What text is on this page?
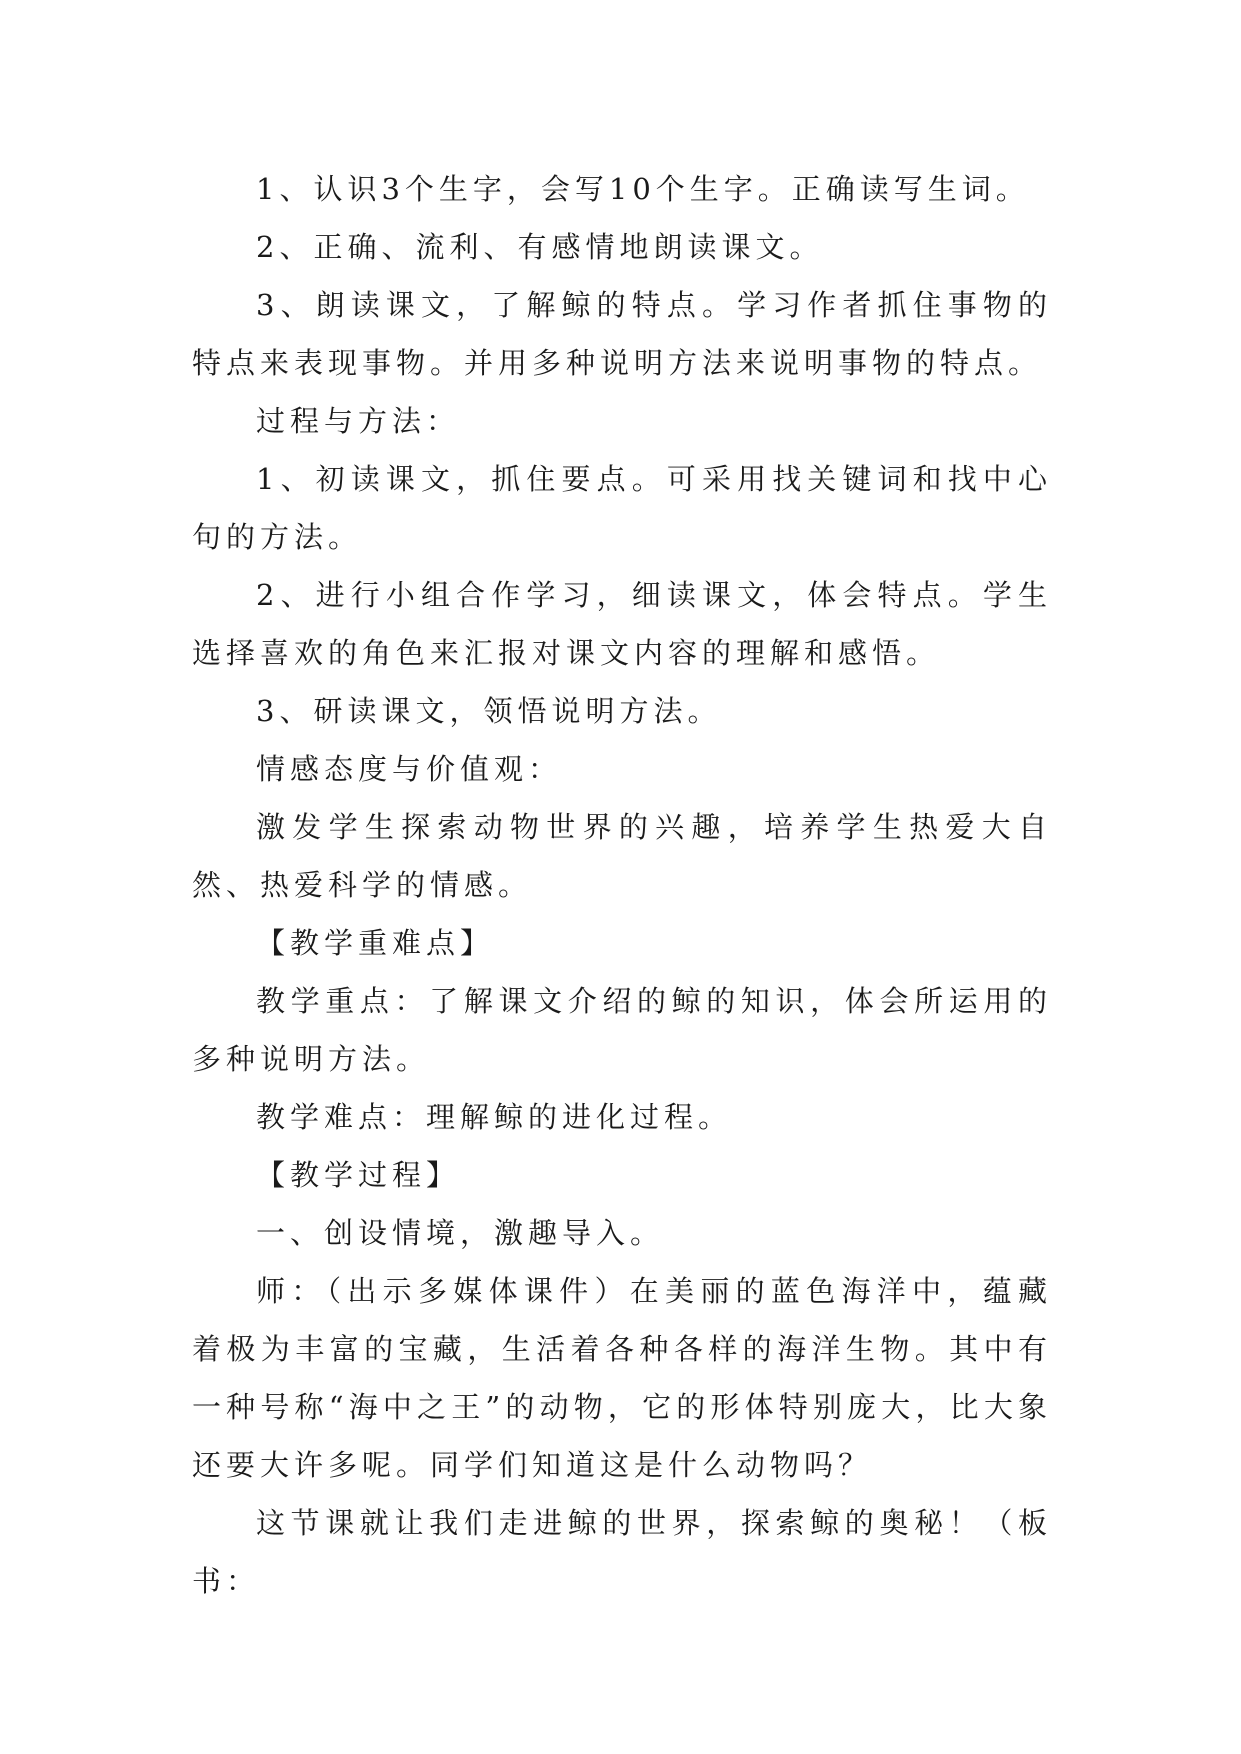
1、认识3个生字，会写10个生字。正确读写生词。

2、正确、流利、有感情地朗读课文。

3、朗读课文，了解鲸的特点。学习作者抓住事物的特点来表现事物。并用多种说明方法来说明事物的特点。

过程与方法：

1、初读课文，抓住要点。可采用找关键词和找中心句的方法。

2、进行小组合作学习，细读课文，体会特点。学生选择喜欢的角色来汇报对课文内容的理解和感悟。

3、研读课文，领悟说明方法。

情感态度与价值观：

激发学生探索动物世界的兴趣，培养学生热爱大自然、热爱科学的情感。

【教学重难点】

教学重点：了解课文介绍的鲸的知识，体会所运用的多种说明方法。

教学难点：理解鲸的进化过程。

【教学过程】

一、创设情境，激趣导入。

师：（出示多媒体课件）在美丽的蓝色海洋中，蕴藏着极为丰富的宝藏，生活着各种各样的海洋生物。其中有一种号称“海中之王”的动物，它的形体特别庞大，比大象还要大许多呢。同学们知道这是什么动物吗？

这节课就让我们走进鲸的世界，探索鲸的奥秘！（板书：
